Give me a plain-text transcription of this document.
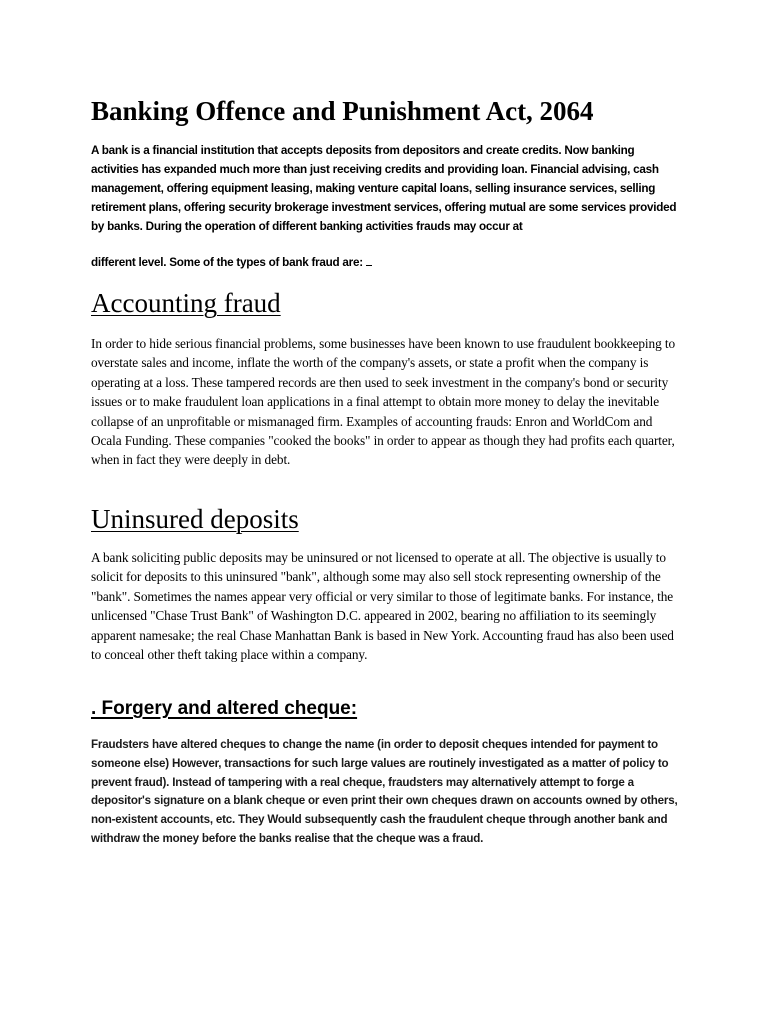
Banking Offence and Punishment Act, 2064

A bank is a financial institution that accepts deposits from depositors and create credits. Now banking activities has expanded much more than just receiving credits and providing loan. Financial advising, cash management, offering equipment leasing, making venture capital loans, selling insurance services, selling retirement plans, offering security brokerage investment services, offering mutual are some services provided by banks. During the operation of different banking activities frauds may occur at

different level. Some of the types of bank fraud are:

Accounting fraud

In order to hide serious financial problems, some businesses have been known to use fraudulent bookkeeping to overstate sales and income, inflate the worth of the company's assets, or state a profit when the company is operating at a loss. These tampered records are then used to seek investment in the company's bond or security issues or to make fraudulent loan applications in a final attempt to obtain more money to delay the inevitable collapse of an unprofitable or mismanaged firm. Examples of accounting frauds: Enron and WorldCom and Ocala Funding. These companies "cooked the books" in order to appear as though they had profits each quarter, when in fact they were deeply in debt.

Uninsured deposits

A bank soliciting public deposits may be uninsured or not licensed to operate at all. The objective is usually to solicit for deposits to this uninsured "bank", although some may also sell stock representing ownership of the "bank". Sometimes the names appear very official or very similar to those of legitimate banks. For instance, the unlicensed "Chase Trust Bank" of Washington D.C. appeared in 2002, bearing no affiliation to its seemingly apparent namesake; the real Chase Manhattan Bank is based in New York. Accounting fraud has also been used to conceal other theft taking place within a company.

. Forgery and altered cheque:

Fraudsters have altered cheques to change the name (in order to deposit cheques intended for payment to someone else) However, transactions for such large values are routinely investigated as a matter of policy to prevent fraud). Instead of tampering with a real cheque, fraudsters may alternatively attempt to forge a depositor's signature on a blank cheque or even print their own cheques drawn on accounts owned by others, non-existent accounts, etc. They Would subsequently cash the fraudulent cheque through another bank and withdraw the money before the banks realise that the cheque was a fraud.
